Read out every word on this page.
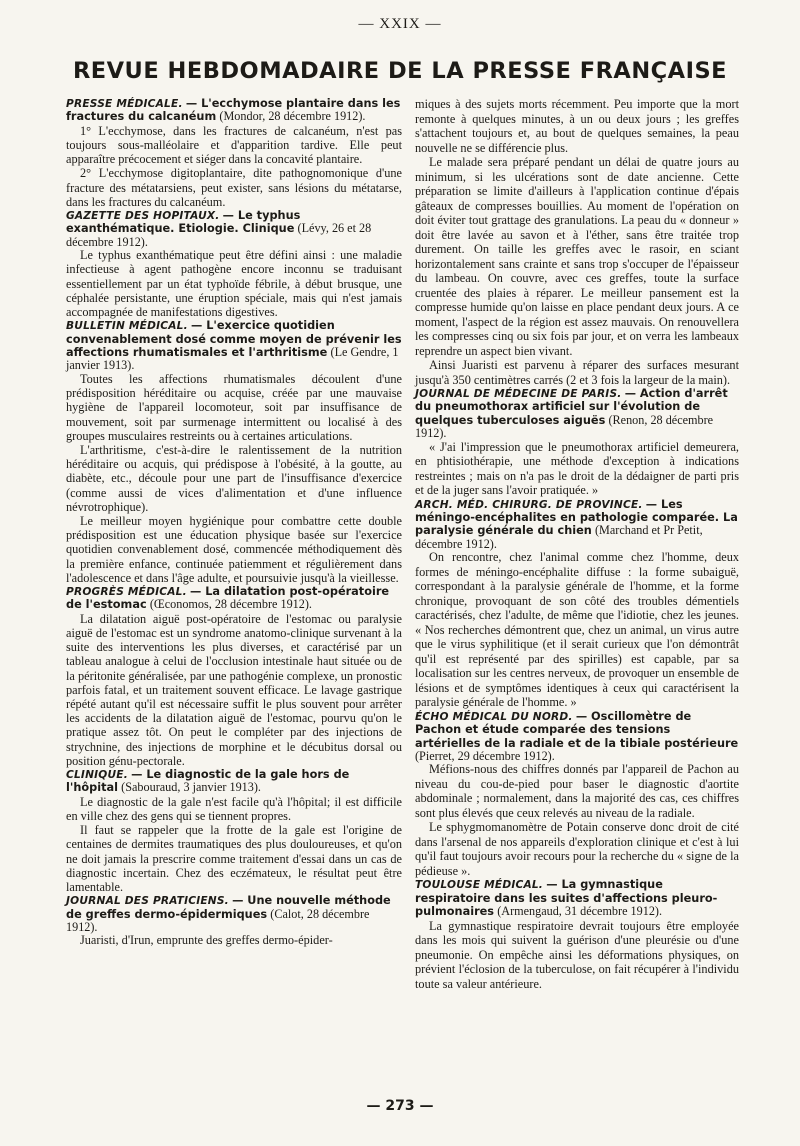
— XXIX —
REVUE HEBDOMADAIRE DE LA PRESSE FRANÇAISE
PRESSE MÉDICALE. — L'ecchymose plantaire dans les fractures du calcanéum (Mondor, 28 décembre 1912).

1° L'ecchymose, dans les fractures de calcanéum, n'est pas toujours sous-malléolaire et d'apparition tardive. Elle peut apparaître précocement et siéger dans la concavité plantaire.

2° L'ecchymose digitoplantaire, dite pathognomonique d'une fracture des métatarsiens, peut exister, sans lésions du métatarse, dans les fractures du calcanéum.

GAZETTE DES HOPITAUX. — Le typhus exanthématique. Etiologie. Clinique (Lévy, 26 et 28 décembre 1912).

Le typhus exanthématique peut être défini ainsi : une maladie infectieuse à agent pathogène encore inconnu se traduisant essentiellement par un état typhoïde fébrile, à début brusque, une céphalée persistante, une éruption spéciale, mais qui n'est jamais accompagnée de manifestations digestives.

BULLETIN MÉDICAL. — L'exercice quotidien convenablement dosé comme moyen de prévenir les affections rhumatismales et l'arthritisme (Le Gendre, 1 janvier 1913).

Toutes les affections rhumatismales découlent d'une prédisposition héréditaire ou acquise, créée par une mauvaise hygiène de l'appareil locomoteur, soit par insuffisance de mouvement, soit par surmenage intermittent ou localisé à des groupes musculaires restreints ou à certaines articulations.

L'arthritisme, c'est-à-dire le ralentissement de la nutrition héréditaire ou acquis, qui prédispose à l'obésité, à la goutte, au diabète, etc., découle pour une part de l'insuffisance d'exercice (comme aussi de vices d'alimentation et d'une influence névrotrophique).

Le meilleur moyen hygiénique pour combattre cette double prédisposition est une éducation physique basée sur l'exercice quotidien convenablement dosé, commencée méthodiquement dès la première enfance, continuée patiemment et régulièrement dans l'adolescence et dans l'âge adulte, et poursuivie jusqu'à la vieillesse.

PROGRÈS MÉDICAL. — La dilatation post-opératoire de l'estomac (Œconomos, 28 décembre 1912).

La dilatation aiguë post-opératoire de l'estomac ou paralysie aiguë de l'estomac est un syndrome anatomo-clinique survenant à la suite des interventions les plus diverses, et caractérisé par un tableau analogue à celui de l'occlusion intestinale haut située ou de la péritonite généralisée, par une pathogénie complexe, un pronostic parfois fatal, et un traitement souvent efficace. Le lavage gastrique répété autant qu'il est nécessaire suffit le plus souvent pour arrêter les accidents de la dilatation aiguë de l'estomac, pourvu qu'on le pratique assez tôt. On peut le compléter par des injections de strychnine, des injections de morphine et le décubitus dorsal ou position génu-pectorale.

CLINIQUE. — Le diagnostic de la gale hors de l'hôpital (Sabouraud, 3 janvier 1913).

Le diagnostic de la gale n'est facile qu'à l'hôpital; il est difficile en ville chez des gens qui se tiennent propres.

Il faut se rappeler que la frotte de la gale est l'origine de centaines de dermites traumatiques des plus douloureuses, et qu'on ne doit jamais la prescrire comme traitement d'essai dans un cas de diagnostic incertain. Chez des eczémateux, le résultat peut être lamentable.

JOURNAL DES PRATICIENS. — Une nouvelle méthode de greffes dermo-épidermiques (Calot, 28 décembre 1912).

Juaristi, d'Irun, emprunte des greffes dermo-épider-

miques à des sujets morts récemment. Peu importe que la mort remonte à quelques minutes, à un ou deux jours ; les greffes s'attachent toujours et, au bout de quelques semaines, la peau nouvelle ne se différencie plus.

Le malade sera préparé pendant un délai de quatre jours au minimum, si les ulcérations sont de date ancienne. Cette préparation se limite d'ailleurs à l'application continue d'épais gâteaux de compresses bouillies. Au moment de l'opération on doit éviter tout grattage des granulations. La peau du « donneur » doit être lavée au savon et à l'éther, sans être traitée trop durement. On taille les greffes avec le rasoir, en sciant horizontalement sans crainte et sans trop s'occuper de l'épaisseur du lambeau. On couvre, avec ces greffes, toute la surface cruentée des plaies à réparer. Le meilleur pansement est la compresse humide qu'on laisse en place pendant deux jours. A ce moment, l'aspect de la région est assez mauvais. On renouvellera les compresses cinq ou six fois par jour, et on verra les lambeaux reprendre un aspect bien vivant.

Ainsi Juaristi est parvenu à réparer des surfaces mesurant jusqu'à 350 centimètres carrés (2 et 3 fois la largeur de la main).

JOURNAL DE MÉDECINE DE PARIS. — Action d'arrêt du pneumothorax artificiel sur l'évolution de quelques tuberculoses aiguës (Renon, 28 décembre 1912).

« J'ai l'impression que le pneumothorax artificiel demeurera, en phtisiothérapie, une méthode d'exception à indications restreintes ; mais on n'a pas le droit de la dédaigner de parti pris et de la juger sans l'avoir pratiquée. »

ARCH. MÉD. CHIRURG. DE PROVINCE. — Les méningo-encéphalites en pathologie comparée. La paralysie générale du chien (Marchand et Pr Petit, décembre 1912).

On rencontre, chez l'animal comme chez l'homme, deux formes de méningo-encéphalite diffuse : la forme subaiguë, correspondant à la paralysie générale de l'homme, et la forme chronique, provoquant de son côté des troubles démentiels caractérisés, chez l'adulte, de même que l'idiotie, chez les jeunes. « Nos recherches démontrent que, chez un animal, un virus autre que le virus syphilitique (et il serait curieux que l'on démontrât qu'il est représenté par des spirilles) est capable, par sa localisation sur les centres nerveux, de provoquer un ensemble de lésions et de symptômes identiques à ceux qui caractérisent la paralysie générale de l'homme. »

ÉCHO MÉDICAL DU NORD. — Oscillomètre de Pachon et étude comparée des tensions artérielles de la radiale et de la tibiale postérieure (Pierret, 29 décembre 1912).

Méfions-nous des chiffres donnés par l'appareil de Pachon au niveau du cou-de-pied pour baser le diagnostic d'aortite abdominale ; normalement, dans la majorité des cas, ces chiffres sont plus élevés que ceux relevés au niveau de la radiale.

Le sphygmomanomètre de Potain conserve donc droit de cité dans l'arsenal de nos appareils d'exploration clinique et c'est à lui qu'il faut toujours avoir recours pour la recherche du « signe de la pédieuse ».

TOULOUSE MÉDICAL. — La gymnastique respiratoire dans les suites d'affections pleuro-pulmonaires (Armengaud, 31 décembre 1912).

La gymnastique respiratoire devrait toujours être employée dans les mois qui suivent la guérison d'une pleurésie ou d'une pneumonie. On empêche ainsi les déformations physiques, on prévient l'éclosion de la tuberculose, on fait récupérer à l'individu toute sa valeur antérieure.

— 273 —
